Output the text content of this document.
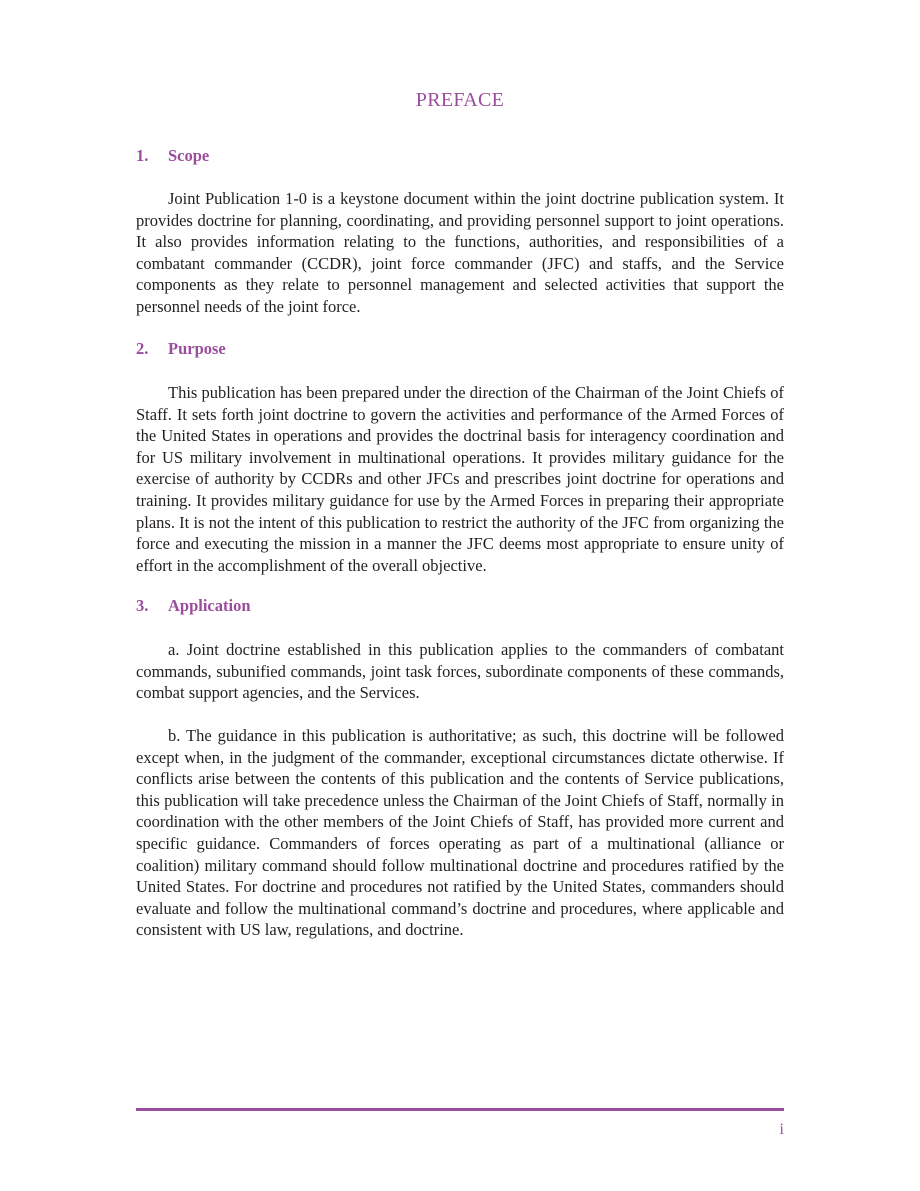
PREFACE
1. Scope

Joint Publication 1-0 is a keystone document within the joint doctrine publication system. It provides doctrine for planning, coordinating, and providing personnel support to joint operations. It also provides information relating to the functions, authorities, and responsibilities of a combatant commander (CCDR), joint force commander (JFC) and staffs, and the Service components as they relate to personnel management and selected activities that support the personnel needs of the joint force.

2. Purpose

This publication has been prepared under the direction of the Chairman of the Joint Chiefs of Staff. It sets forth joint doctrine to govern the activities and performance of the Armed Forces of the United States in operations and provides the doctrinal basis for interagency coordination and for US military involvement in multinational operations. It provides military guidance for the exercise of authority by CCDRs and other JFCs and prescribes joint doctrine for operations and training. It provides military guidance for use by the Armed Forces in preparing their appropriate plans. It is not the intent of this publication to restrict the authority of the JFC from organizing the force and executing the mission in a manner the JFC deems most appropriate to ensure unity of effort in the accomplishment of the overall objective.

3. Application

a. Joint doctrine established in this publication applies to the commanders of combatant commands, subunified commands, joint task forces, subordinate components of these commands, combat support agencies, and the Services.

b. The guidance in this publication is authoritative; as such, this doctrine will be followed except when, in the judgment of the commander, exceptional circumstances dictate otherwise. If conflicts arise between the contents of this publication and the contents of Service publications, this publication will take precedence unless the Chairman of the Joint Chiefs of Staff, normally in coordination with the other members of the Joint Chiefs of Staff, has provided more current and specific guidance. Commanders of forces operating as part of a multinational (alliance or coalition) military command should follow multinational doctrine and procedures ratified by the United States. For doctrine and procedures not ratified by the United States, commanders should evaluate and follow the multinational command’s doctrine and procedures, where applicable and consistent with US law, regulations, and doctrine.

i
